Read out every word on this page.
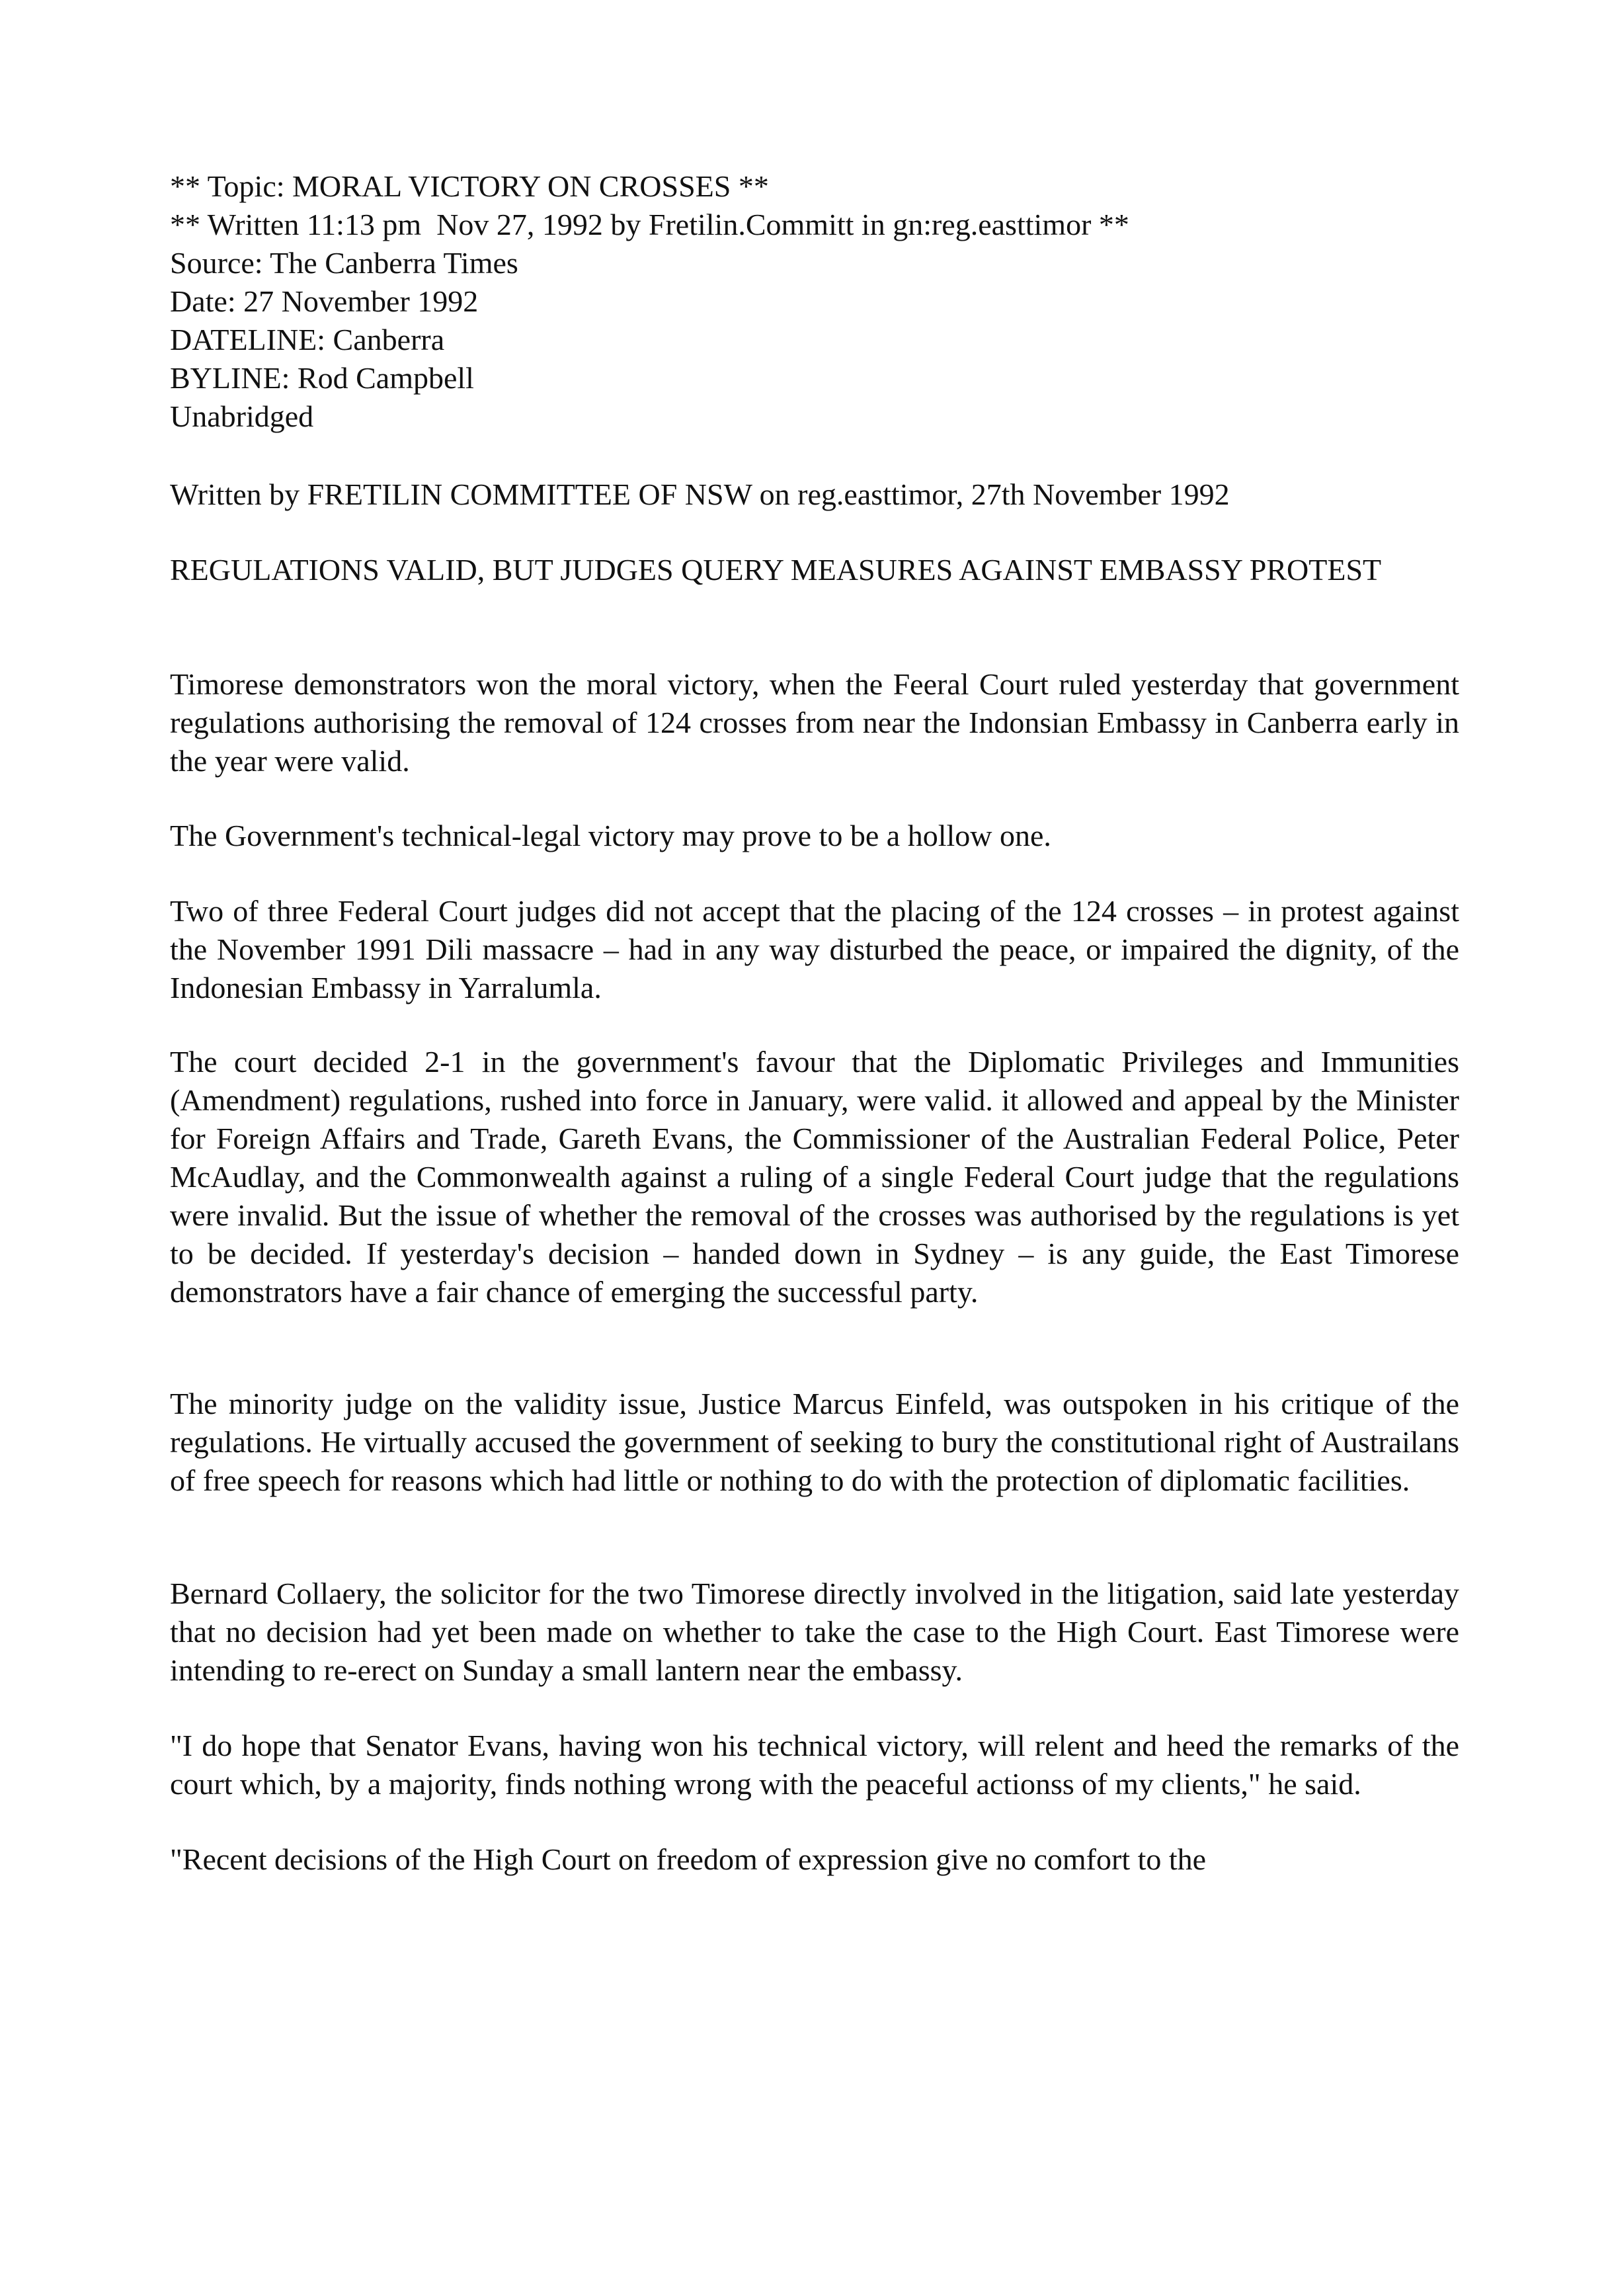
** Topic: MORAL VICTORY ON CROSSES **
** Written 11:13 pm  Nov 27, 1992 by Fretilin.Committ in gn:reg.easttimor **
Source: The Canberra Times
Date: 27 November 1992
DATELINE: Canberra
BYLINE: Rod Campbell
Unabridged

Written by FRETILIN COMMITTEE OF NSW on reg.easttimor, 27th November 1992

REGULATIONS VALID, BUT JUDGES QUERY MEASURES AGAINST EMBASSY PROTEST

Timorese demonstrators won the moral victory, when the Feeral Court ruled yesterday that government regulations authorising the removal of 124 crosses from near the Indonsian Embassy in Canberra early in the year were valid.

The Government's technical-legal victory may prove to be a hollow one.

Two of three Federal Court judges did not accept that the placing of the 124 crosses – in protest against the November 1991 Dili massacre – had in any way disturbed the peace, or impaired the dignity, of the Indonesian Embassy in Yarralumla.

The court decided 2-1 in the government's favour that the Diplomatic Privileges and Immunities (Amendment) regulations, rushed into force in January, were valid. it allowed and appeal by the Minister for Foreign Affairs and Trade, Gareth Evans, the Commissioner of the Australian Federal Police, Peter McAudlay, and the Commonwealth against a ruling of a single Federal Court judge that the regulations were invalid. But the issue of whether the removal of the crosses was authorised by the regulations is yet to be decided. If yesterday's decision – handed down in Sydney – is any guide, the East Timorese demonstrators have a fair chance of emerging the successful party.

The minority judge on the validity issue, Justice Marcus Einfeld, was outspoken in his critique of the regulations. He virtually accused the government of seeking to bury the constitutional right of Austrailans of free speech for reasons which had little or nothing to do with the protection of diplomatic facilities.

Bernard Collaery, the solicitor for the two Timorese directly involved in the litigation, said late yesterday that no decision had yet been made on whether to take the case to the High Court. East Timorese were intending to re-erect on Sunday a small lantern near the embassy.

"I do hope that Senator Evans, having won his technical victory, will relent and heed the remarks of the court which, by a majority, finds nothing wrong with the peaceful actionss of my clients," he said.

"Recent decisions of the High Court on freedom of expression give no comfort to the
